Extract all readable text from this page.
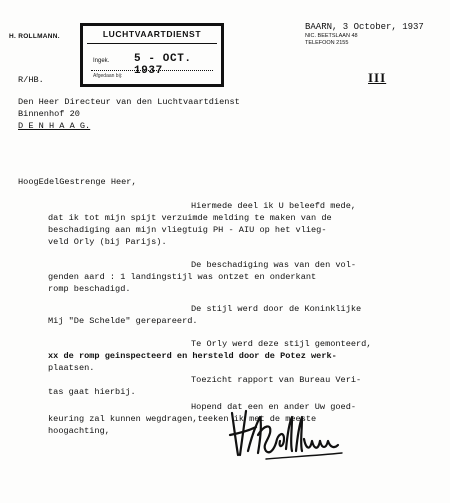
H. ROLLMANN.	LUCHTVAARTDIENST
Ingek. 5 - OCT. 1937
Afgedaan bij:
BAARN, 3 October, 1937
NIC. BEETSLAAN 48
TELEFOON 2155
III
R/HB.
Den Heer Directeur van den Luchtvaartdienst
Binnenhof 20
D E N H A A G.
HoogEdelGestrenge Heer,
Hiermede deel ik U beleefd mede,
dat ik tot mijn spijt verzuimde melding te maken van de
beschadiging aan mijn vliegtuig PH - AIU op het vlieg-
veld Orly (bij Parijs).
De beschadiging was van den vol-
genden aard : 1 landingstijl was ontzet en onderkant
romp beschadigd.
De stijl werd door de Koninklijke
Mij "De Schelde" gerepareerd.
Te Orly werd deze stijl gemonteerd,
xx de romp geinspecteerd en hersteld door de Potez werk-
plaatsen.
Toezicht rapport van Bureau Veri-
tas gaat hierbij.
Hopend dat een en ander Uw goed-
keuring zal kunnen wegdragen,teeken ik met de meeste
hoogachting,
